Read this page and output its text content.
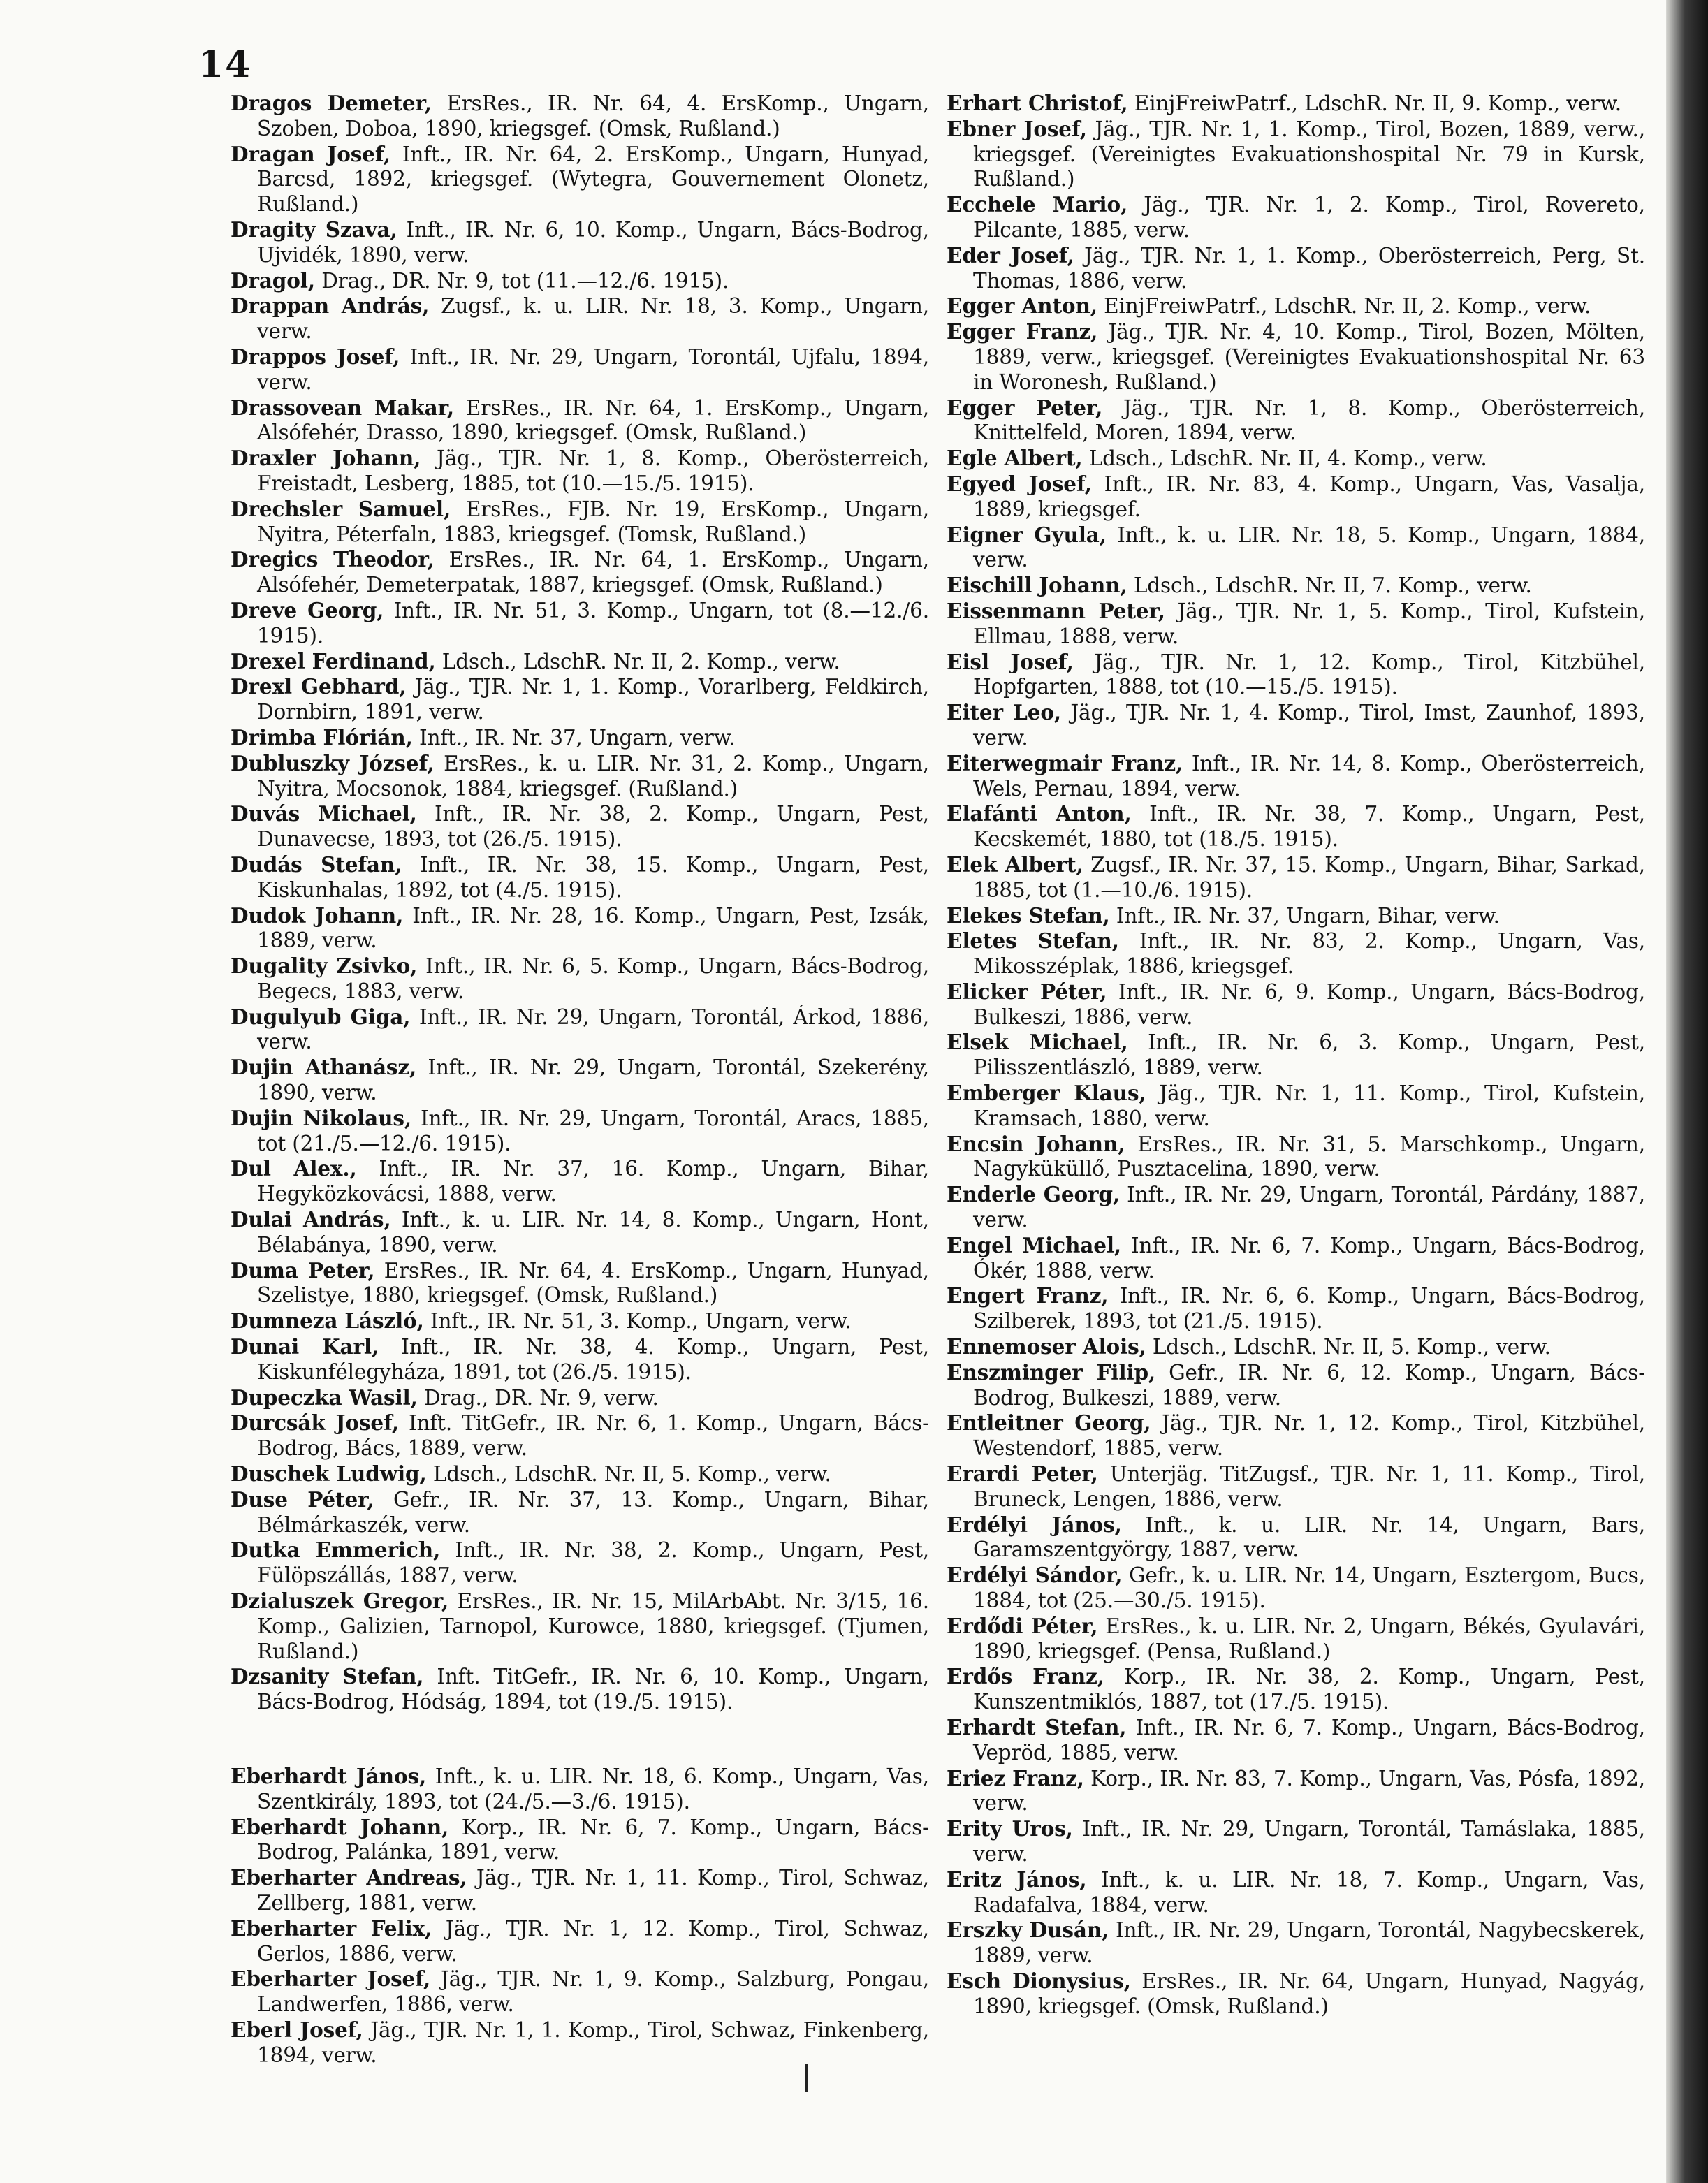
14

Dragos Demeter, ErsRes., IR. Nr. 64, 4. ErsKomp., Ungarn, Szoben, Doboa, 1890, kriegsgef. (Omsk, Rußland.)

Dragan Josef, Inft., IR. Nr. 64, 2. ErsKomp., Ungarn, Hunyad, Barcsd, 1892, kriegsgef. (Wytegra, Gouvernement Olonetz, Rußland.)

Dragity Szava, Inft., IR. Nr. 6, 10. Komp., Ungarn, Bács-Bodrog, Ujvidék, 1890, verw.

Dragol, Drag., DR. Nr. 9, tot (11.—12./6. 1915).

Drappan András, Zugsf., k. u. LIR. Nr. 18, 3. Komp., Ungarn, verw.

Drappos Josef, Inft., IR. Nr. 29, Ungarn, Torontál, Ujfalu, 1894, verw.

Drassovean Makar, ErsRes., IR. Nr. 64, 1. ErsKomp., Ungarn, Alsófehér, Drasso, 1890, kriegsgef. (Omsk, Rußland.)

Draxler Johann, Jäg., TJR. Nr. 1, 8. Komp., Oberösterreich, Freistadt, Lesberg, 1885, tot (10.—15./5. 1915).

Drechsler Samuel, ErsRes., FJB. Nr. 19, ErsKomp., Ungarn, Nyitra, Péterfaln, 1883, kriegsgef. (Tomsk, Rußland.)

Dregics Theodor, ErsRes., IR. Nr. 64, 1. ErsKomp., Ungarn, Alsófehér, Demeterpatak, 1887, kriegsgef. (Omsk, Rußland.)

Dreve Georg, Inft., IR. Nr. 51, 3. Komp., Ungarn, tot (8.—12./6. 1915).

Drexel Ferdinand, Ldsch., LdschR. Nr. II, 2. Komp., verw.

Drexl Gebhard, Jäg., TJR. Nr. 1, 1. Komp., Vorarlberg, Feldkirch, Dornbirn, 1891, verw.

Drimba Flórián, Inft., IR. Nr. 37, Ungarn, verw.

Dubluszky József, ErsRes., k. u. LIR. Nr. 31, 2. Komp., Ungarn, Nyitra, Mocsonok, 1884, kriegsgef. (Rußland.)

Duvás Michael, Inft., IR. Nr. 38, 2. Komp., Ungarn, Pest, Dunavecse, 1893, tot (26./5. 1915).

Dudás Stefan, Inft., IR. Nr. 38, 15. Komp., Ungarn, Pest, Kiskunhalas, 1892, tot (4./5. 1915).

Dudok Johann, Inft., IR. Nr. 28, 16. Komp., Ungarn, Pest, Izsák, 1889, verw.

Dugality Zsivko, Inft., IR. Nr. 6, 5. Komp., Ungarn, Bács-Bodrog, Begecs, 1883, verw.

Dugulyub Giga, Inft., IR. Nr. 29, Ungarn, Torontál, Árkod, 1886, verw.

Dujin Athanász, Inft., IR. Nr. 29, Ungarn, Torontál, Szekerény, 1890, verw.

Dujin Nikolaus, Inft., IR. Nr. 29, Ungarn, Torontál, Aracs, 1885, tot (21./5.—12./6. 1915).

Dul Alex., Inft., IR. Nr. 37, 16. Komp., Ungarn, Bihar, Hegyközkovácsi, 1888, verw.

Dulai András, Inft., k. u. LIR. Nr. 14, 8. Komp., Ungarn, Hont, Bélabánya, 1890, verw.

Duma Peter, ErsRes., IR. Nr. 64, 4. ErsKomp., Ungarn, Hunyad, Szelistye, 1880, kriegsgef. (Omsk, Rußland.)

Dumneza László, Inft., IR. Nr. 51, 3. Komp., Ungarn, verw.

Dunai Karl, Inft., IR. Nr. 38, 4. Komp., Ungarn, Pest, Kiskunfélegyháza, 1891, tot (26./5. 1915).

Dupeczka Wasil, Drag., DR. Nr. 9, verw.

Durcsák Josef, Inft. TitGefr., IR. Nr. 6, 1. Komp., Ungarn, Bács-Bodrog, Bács, 1889, verw.

Duschek Ludwig, Ldsch., LdschR. Nr. II, 5. Komp., verw.

Duse Péter, Gefr., IR. Nr. 37, 13. Komp., Ungarn, Bihar, Bélmárkaszék, verw.

Dutka Emmerich, Inft., IR. Nr. 38, 2. Komp., Ungarn, Pest, Fülöpszállás, 1887, verw.

Dzialuszek Gregor, ErsRes., IR. Nr. 15, MilArbAbt. Nr. 3/15, 16. Komp., Galizien, Tarnopol, Kurowce, 1880, kriegsgef. (Tjumen, Rußland.)

Dzsanity Stefan, Inft. TitGefr., IR. Nr. 6, 10. Komp., Ungarn, Bács-Bodrog, Hódság, 1894, tot (19./5. 1915).

Eberhardt János, Inft., k. u. LIR. Nr. 18, 6. Komp., Ungarn, Vas, Szentkirály, 1893, tot (24./5.—3./6. 1915).

Eberhardt Johann, Korp., IR. Nr. 6, 7. Komp., Ungarn, Bács-Bodrog, Palánka, 1891, verw.

Eberharter Andreas, Jäg., TJR. Nr. 1, 11. Komp., Tirol, Schwaz, Zellberg, 1881, verw.

Eberharter Felix, Jäg., TJR. Nr. 1, 12. Komp., Tirol, Schwaz, Gerlos, 1886, verw.

Eberharter Josef, Jäg., TJR. Nr. 1, 9. Komp., Salzburg, Pongau, Landwerfen, 1886, verw.

Eberl Josef, Jäg., TJR. Nr. 1, 1. Komp., Tirol, Schwaz, Finkenberg, 1894, verw.

Erhart Christof, EinjFreiwPatrf., LdschR. Nr. II, 9. Komp., verw.

Ebner Josef, Jäg., TJR. Nr. 1, 1. Komp., Tirol, Bozen, 1889, verw., kriegsgef. (Vereinigtes Evakuationshospital Nr. 79 in Kursk, Rußland.)

Ecchele Mario, Jäg., TJR. Nr. 1, 2. Komp., Tirol, Rovereto, Pilcante, 1885, verw.

Eder Josef, Jäg., TJR. Nr. 1, 1. Komp., Oberösterreich, Perg, St. Thomas, 1886, verw.

Egger Anton, EinjFreiwPatrf., LdschR. Nr. II, 2. Komp., verw.

Egger Franz, Jäg., TJR. Nr. 4, 10. Komp., Tirol, Bozen, Mölten, 1889, verw., kriegsgef. (Vereinigtes Evakuationshospital Nr. 63 in Woronesh, Rußland.)

Egger Peter, Jäg., TJR. Nr. 1, 8. Komp., Oberösterreich, Knittelfeld, Moren, 1894, verw.

Egle Albert, Ldsch., LdschR. Nr. II, 4. Komp., verw.

Egyed Josef, Inft., IR. Nr. 83, 4. Komp., Ungarn, Vas, Vasalja, 1889, kriegsgef.

Eigner Gyula, Inft., k. u. LIR. Nr. 18, 5. Komp., Ungarn, 1884, verw.

Eischill Johann, Ldsch., LdschR. Nr. II, 7. Komp., verw.

Eissenmann Peter, Jäg., TJR. Nr. 1, 5. Komp., Tirol, Kufstein, Ellmau, 1888, verw.

Eisl Josef, Jäg., TJR. Nr. 1, 12. Komp., Tirol, Kitzbühel, Hopfgarten, 1888, tot (10.—15./5. 1915).

Eiter Leo, Jäg., TJR. Nr. 1, 4. Komp., Tirol, Imst, Zaunhof, 1893, verw.

Eiterwegmair Franz, Inft., IR. Nr. 14, 8. Komp., Oberösterreich, Wels, Pernau, 1894, verw.

Elafánti Anton, Inft., IR. Nr. 38, 7. Komp., Ungarn, Pest, Kecskemét, 1880, tot (18./5. 1915).

Elek Albert, Zugsf., IR. Nr. 37, 15. Komp., Ungarn, Bihar, Sarkad, 1885, tot (1.—10./6. 1915).

Elekes Stefan, Inft., IR. Nr. 37, Ungarn, Bihar, verw.

Eletes Stefan, Inft., IR. Nr. 83, 2. Komp., Ungarn, Vas, Mikosszéplak, 1886, kriegsgef.

Elicker Péter, Inft., IR. Nr. 6, 9. Komp., Ungarn, Bács-Bodrog, Bulkeszi, 1886, verw.

Elsek Michael, Inft., IR. Nr. 6, 3. Komp., Ungarn, Pest, Pilisszentlászló, 1889, verw.

Emberger Klaus, Jäg., TJR. Nr. 1, 11. Komp., Tirol, Kufstein, Kramsach, 1880, verw.

Encsin Johann, ErsRes., IR. Nr. 31, 5. Marschkomp., Ungarn, Nagyküküllő, Pusztacelina, 1890, verw.

Enderle Georg, Inft., IR. Nr. 29, Ungarn, Torontál, Párdány, 1887, verw.

Engel Michael, Inft., IR. Nr. 6, 7. Komp., Ungarn, Bács-Bodrog, Ókér, 1888, verw.

Engert Franz, Inft., IR. Nr. 6, 6. Komp., Ungarn, Bács-Bodrog, Szilberek, 1893, tot (21./5. 1915).

Ennemoser Alois, Ldsch., LdschR. Nr. II, 5. Komp., verw.

Enszminger Filip, Gefr., IR. Nr. 6, 12. Komp., Ungarn, Bács-Bodrog, Bulkeszi, 1889, verw.

Entleitner Georg, Jäg., TJR. Nr. 1, 12. Komp., Tirol, Kitzbühel, Westendorf, 1885, verw.

Erardi Peter, Unterjäg. TitZugsf., TJR. Nr. 1, 11. Komp., Tirol, Bruneck, Lengen, 1886, verw.

Erdélyi János, Inft., k. u. LIR. Nr. 14, Ungarn, Bars, Garamszentgyörgy, 1887, verw.

Erdélyi Sándor, Gefr., k. u. LIR. Nr. 14, Ungarn, Esztergom, Bucs, 1884, tot (25.—30./5. 1915).

Erdődi Péter, ErsRes., k. u. LIR. Nr. 2, Ungarn, Békés, Gyulavári, 1890, kriegsgef. (Pensa, Rußland.)

Erdős Franz, Korp., IR. Nr. 38, 2. Komp., Ungarn, Pest, Kunszentmiklós, 1887, tot (17./5. 1915).

Erhardt Stefan, Inft., IR. Nr. 6, 7. Komp., Ungarn, Bács-Bodrog, Vepröd, 1885, verw.

Eriez Franz, Korp., IR. Nr. 83, 7. Komp., Ungarn, Vas, Pósfa, 1892, verw.

Erity Uros, Inft., IR. Nr. 29, Ungarn, Torontál, Tamáslaka, 1885, verw.

Eritz János, Inft., k. u. LIR. Nr. 18, 7. Komp., Ungarn, Vas, Radafalva, 1884, verw.

Erszky Dusán, Inft., IR. Nr. 29, Ungarn, Torontál, Nagybecskerek, 1889, verw.

Esch Dionysius, ErsRes., IR. Nr. 64, Ungarn, Hunyad, Nagyág, 1890, kriegsgef. (Omsk, Rußland.)
